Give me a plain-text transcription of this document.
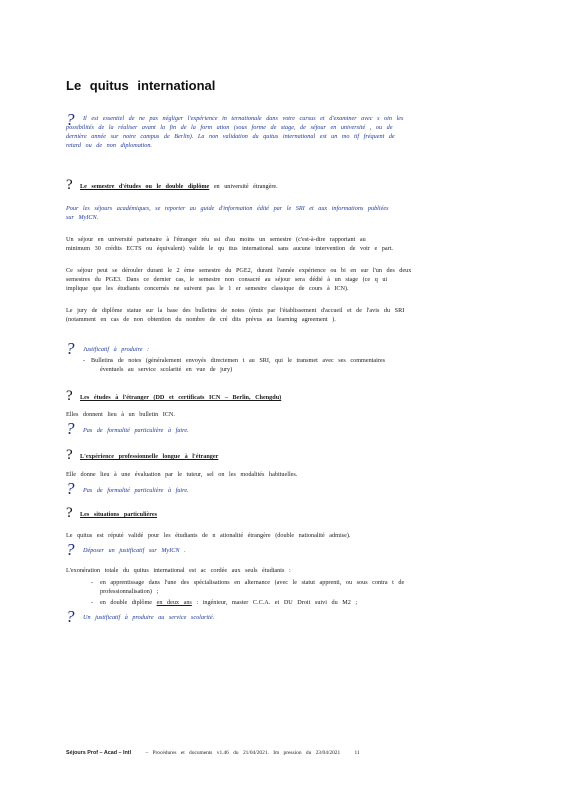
Le quitus international
? Il est essentiel de ne pas négliger l'expérience in ternationale dans votre cursus et d'examiner avec s oin les
possibilités de la réaliser avant la fin de la form ation (sous forme de stage, de séjour en université , ou de
dernière année sur notre campus de Berlin). La non validation du quitus international est un mo tif fréquent de
retard ou de non diplomation.
? Le semestre d'études ou le double diplôme en université étrangère.
Pour les séjours académiques, se reporter au guide d'information édité par le SRI et aux informations publiées
sur MyICN.
Un séjour en université partenaire à l'étranger réu ssi d'au moins un semestre (c'est-à-dire rapportant au
minimum 30 crédits ECTS ou équivalent) valide le qu itus international sans aucune intervention de votr e part.
Ce séjour peut se dérouler durant le 2 ème semestre du PGE2, durant l'année expérience ou bi en sur l'un des deux
semestres du PGE3. Dans ce dernier cas, le semestre non consacré au séjour sera dédié à un stage (ce q ui
implique que les étudiants concernés ne suivent pas le 1 er semestre classique de cours à ICN).
Le jury de diplôme statue sur la base des bulletins de notes (émis par l'établissement d'accueil et de l'avis du SRI
(notamment en cas de non obtention du nombre de cré dits prévus au learning agreement ).
? Justificatif à produire :
- Bulletins de notes (généralement envoyés directemen t au SRI, qui le transmet avec ses commentaires
éventuels au service scolarité en vue de jury)
? Les études à l'étranger (DD et certificats ICN – Berlin, Chengdu)
Elles donnent lieu à un bulletin ICN.
? Pas de formalité particulière à faire.
? L'expérience professionnelle longue à l'étranger
Elle donne lieu à une évaluation par le tuteur, sel on les modalités habituelles.
? Pas de formalité particulière à faire.
? Les situations particulières
Le quitus est réputé validé pour les étudiants de n ationalité étrangère (double nationalité admise).
? Déposer un justificatif sur MyICN .
L'exonération totale du quitus international est ac cordée aux seuls étudiants :
- en apprentissage dans l'une des spécialisations en alternance (avec le statut apprenti, ou sous contra t de
professionnalisation) ;
- en double diplôme en deux ans : ingénieur, master C.C.A. et DU Droit suivi du M2 ;
? Un justificatif à produire au service scolarité.
Séjours Prof – Acad – Intl	– Procédures et documents v1.46 du 21/04/2021. Im pression du 23/04/2021	11
